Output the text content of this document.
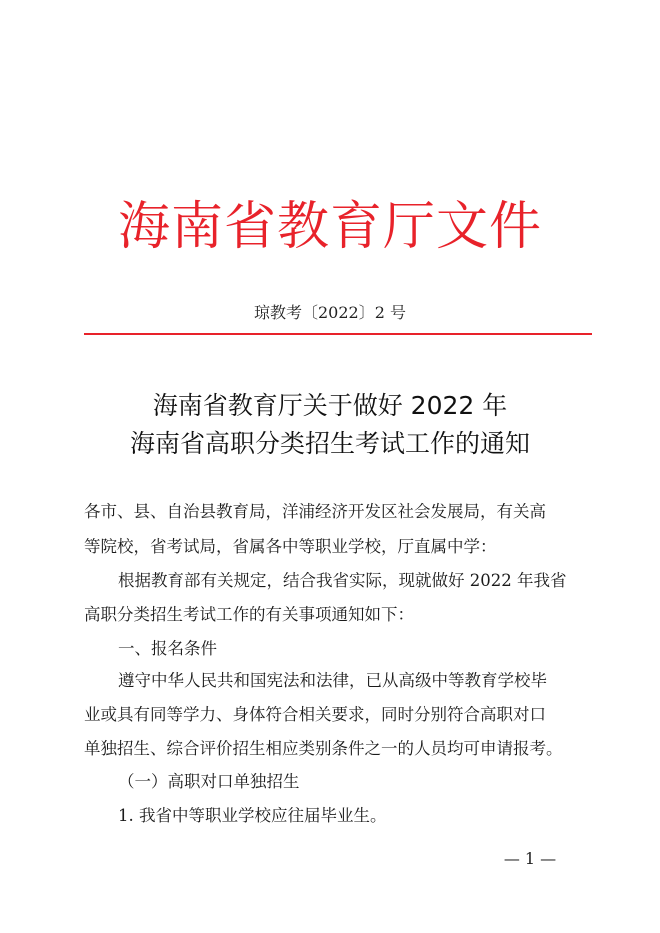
海南省教育厅文件
琼教考〔2022〕2 号
海南省教育厅关于做好 2022 年
海南省高职分类招生考试工作的通知
各市、县、自治县教育局，洋浦经济开发区社会发展局，有关高
等院校，省考试局，省属各中等职业学校，厅直属中学：
根据教育部有关规定，结合我省实际，现就做好 2022 年我省
高职分类招生考试工作的有关事项通知如下：
一、报名条件
遵守中华人民共和国宪法和法律，已从高级中等教育学校毕
业或具有同等学力、身体符合相关要求，同时分别符合高职对口
单独招生、综合评价招生相应类别条件之一的人员均可申请报考。
（一）高职对口单独招生
1. 我省中等职业学校应往届毕业生。
— 1 —
